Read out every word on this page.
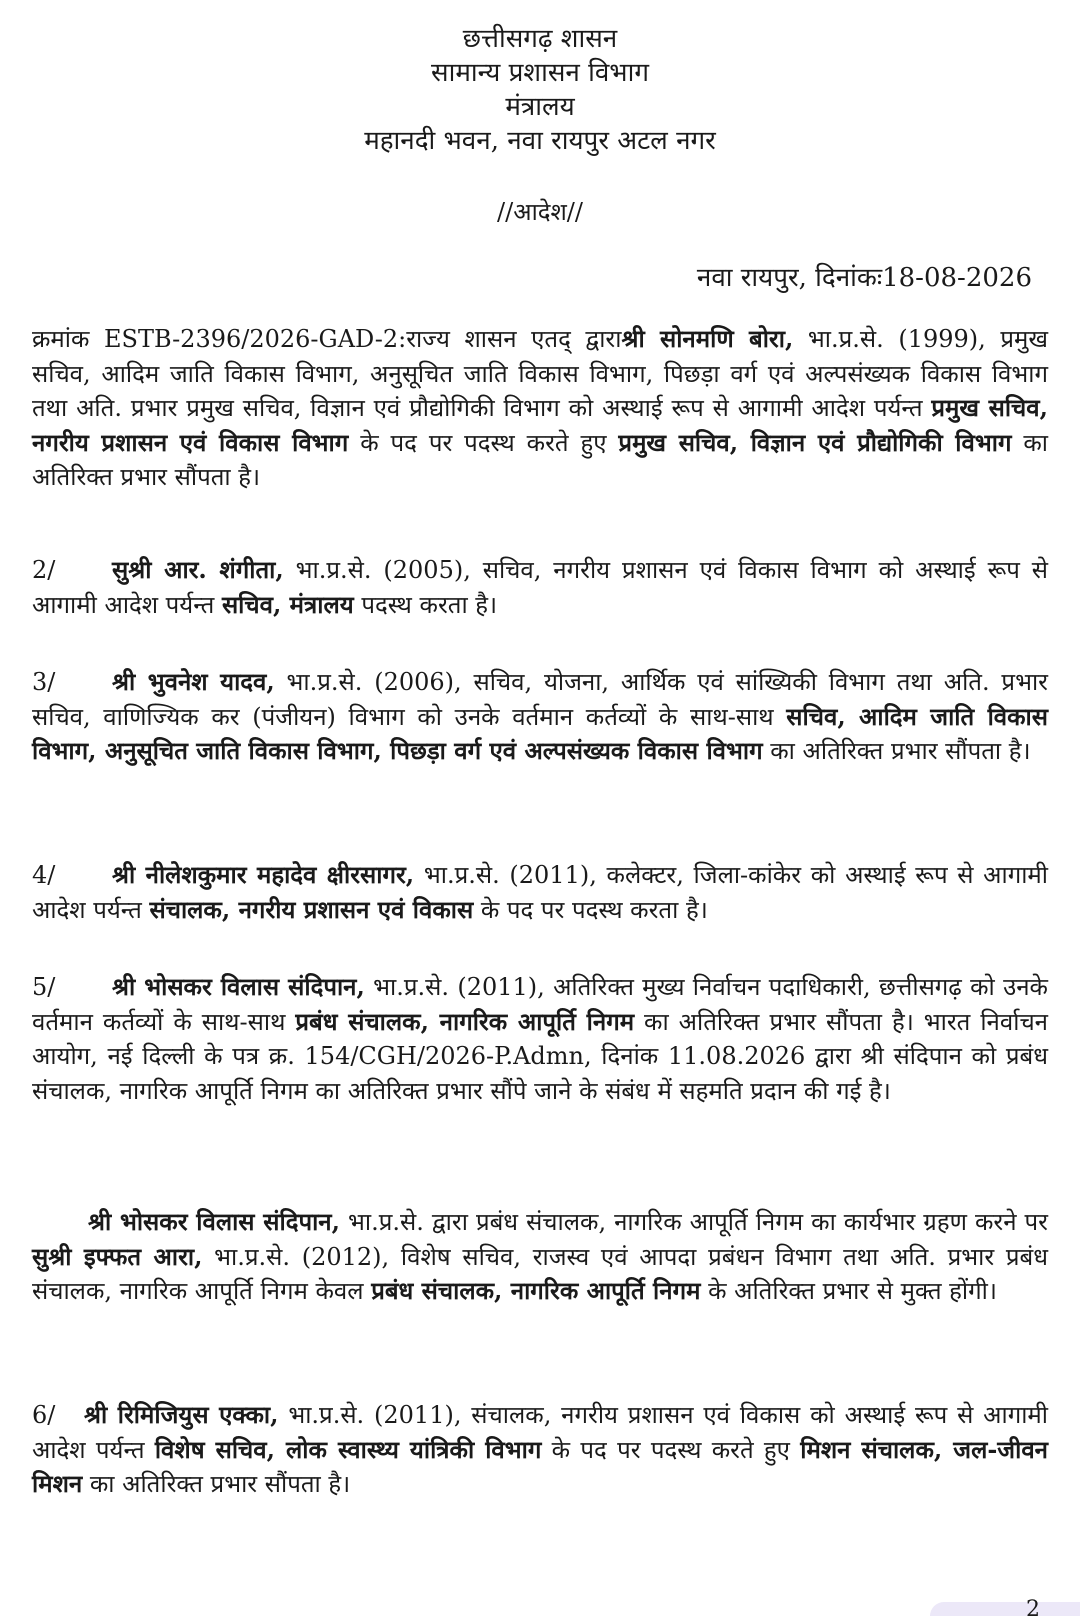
छत्तीसगढ़ शासन
सामान्य प्रशासन विभाग
मंत्रालय
महानदी भवन, नवा रायपुर अटल नगर
//आदेश//
नवा रायपुर, दिनांकः18-08-2026
क्रमांक ESTB-2396/2026-GAD-2:राज्य शासन एतद् द्वाराश्री सोनमणि बोरा, भा.प्र.से. (1999), प्रमुख सचिव, आदिम जाति विकास विभाग, अनुसूचित जाति विकास विभाग, पिछड़ा वर्ग एवं अल्पसंख्यक विकास विभाग तथा अति. प्रभार प्रमुख सचिव, विज्ञान एवं प्रौद्योगिकी विभाग को अस्थाई रूप से आगामी आदेश पर्यन्त प्रमुख सचिव, नगरीय प्रशासन एवं विकास विभाग के पद पर पदस्थ करते हुए प्रमुख सचिव, विज्ञान एवं प्रौद्योगिकी विभाग का अतिरिक्त प्रभार सौंपता है।
2/ सुश्री आर. शंगीता, भा.प्र.से. (2005), सचिव, नगरीय प्रशासन एवं विकास विभाग को अस्थाई रूप से आगामी आदेश पर्यन्त सचिव, मंत्रालय पदस्थ करता है।
3/ श्री भुवनेश यादव, भा.प्र.से. (2006), सचिव, योजना, आर्थिक एवं सांख्यिकी विभाग तथा अति. प्रभार सचिव, वाणिज्यिक कर (पंजीयन) विभाग को उनके वर्तमान कर्तव्यों के साथ-साथ सचिव, आदिम जाति विकास विभाग, अनुसूचित जाति विकास विभाग, पिछड़ा वर्ग एवं अल्पसंख्यक विकास विभाग का अतिरिक्त प्रभार सौंपता है।
4/ श्री नीलेशकुमार महादेव क्षीरसागर, भा.प्र.से. (2011), कलेक्टर, जिला-कांकेर को अस्थाई रूप से आगामी आदेश पर्यन्त संचालक, नगरीय प्रशासन एवं विकास के पद पर पदस्थ करता है।
5/ श्री भोसकर विलास संदिपान, भा.प्र.से. (2011), अतिरिक्त मुख्य निर्वाचन पदाधिकारी, छत्तीसगढ़ को उनके वर्तमान कर्तव्यों के साथ-साथ प्रबंध संचालक, नागरिक आपूर्ति निगम का अतिरिक्त प्रभार सौंपता है। भारत निर्वाचन आयोग, नई दिल्ली के पत्र क्र. 154/CGH/2026-P.Admn, दिनांक 11.08.2026 द्वारा श्री संदिपान को प्रबंध संचालक, नागरिक आपूर्ति निगम का अतिरिक्त प्रभार सौंपे जाने के संबंध में सहमति प्रदान की गई है।
श्री भोसकर विलास संदिपान, भा.प्र.से. द्वारा प्रबंध संचालक, नागरिक आपूर्ति निगम का कार्यभार ग्रहण करने पर सुश्री इफ्फत आरा, भा.प्र.से. (2012), विशेष सचिव, राजस्व एवं आपदा प्रबंधन विभाग तथा अति. प्रभार प्रबंध संचालक, नागरिक आपूर्ति निगम केवल प्रबंध संचालक, नागरिक आपूर्ति निगम के अतिरिक्त प्रभार से मुक्त होंगी।
6/ श्री रिमिजियुस एक्का, भा.प्र.से. (2011), संचालक, नगरीय प्रशासन एवं विकास को अस्थाई रूप से आगामी आदेश पर्यन्त विशेष सचिव, लोक स्वास्थ्य यांत्रिकी विभाग के पद पर पदस्थ करते हुए मिशन संचालक, जल-जीवन मिशन का अतिरिक्त प्रभार सौंपता है।
2
